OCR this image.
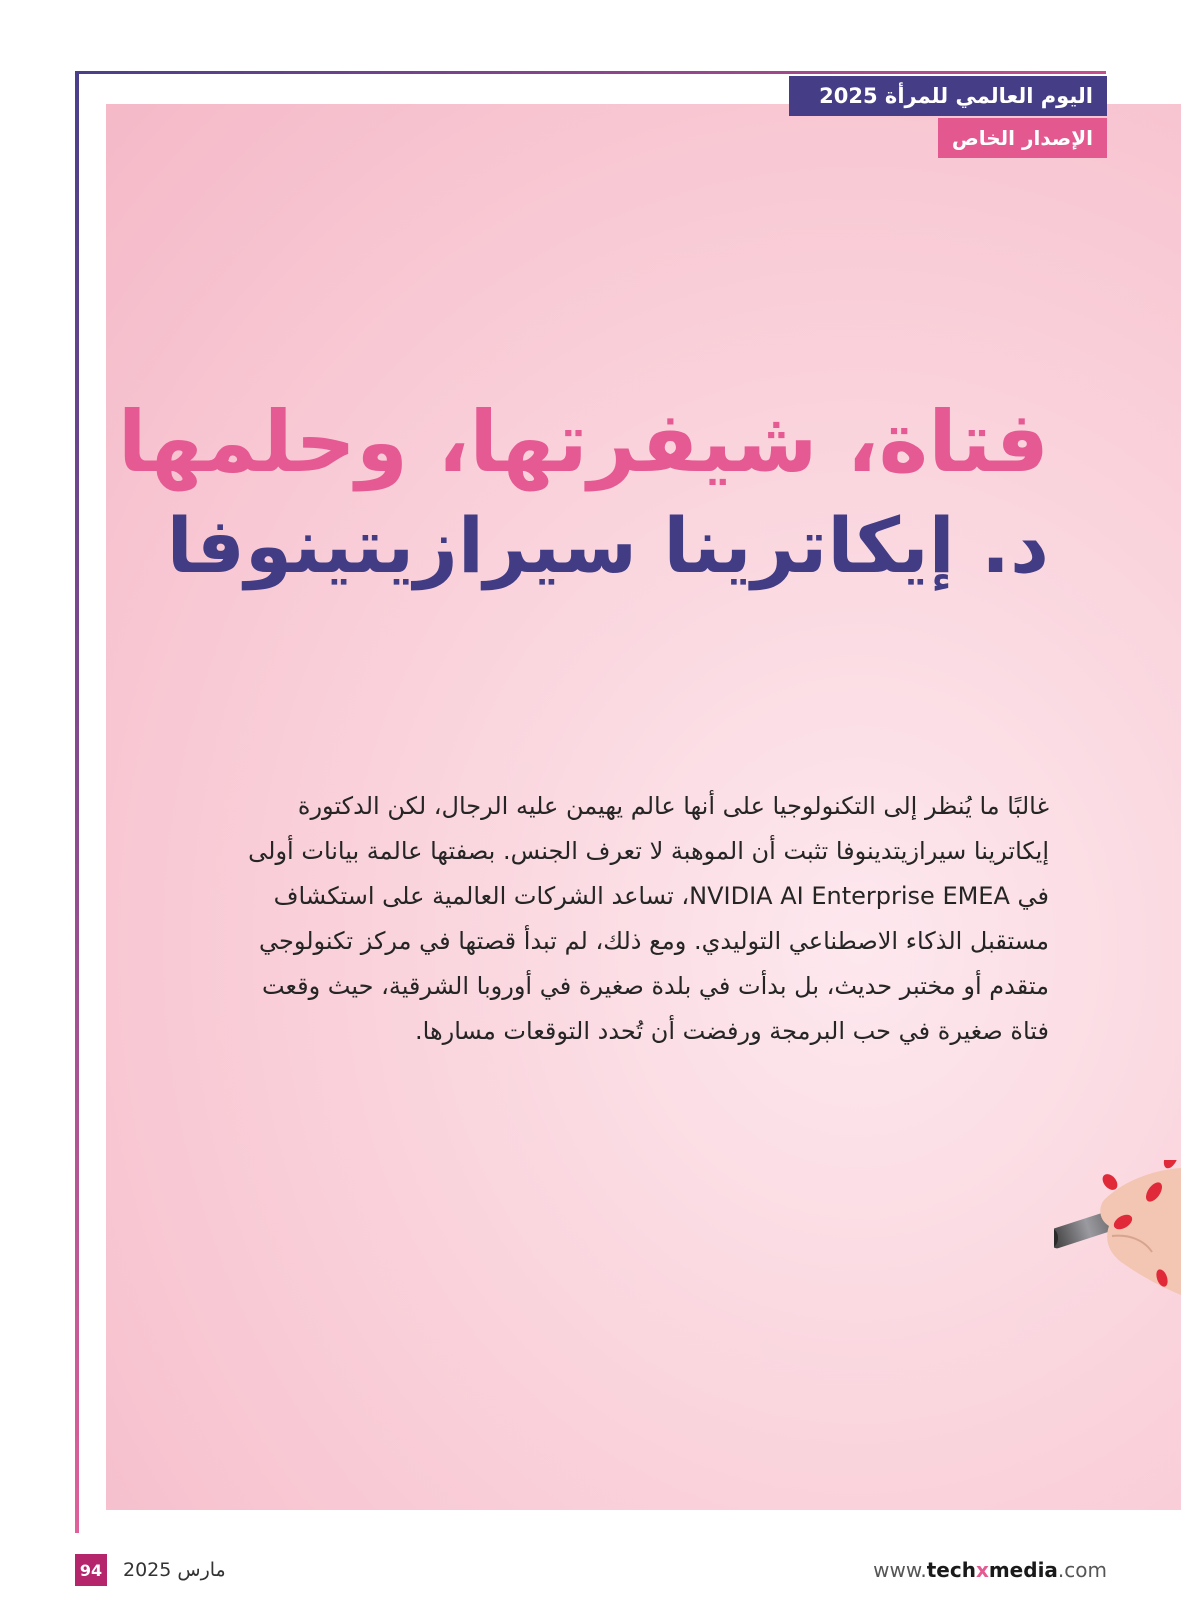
اليوم العالمي للمرأة 2025
الإصدار الخاص
فتاة، شيفرتها، وحلمها
د. إيكاترينا سيرازيتينوفا
غالبًا ما يُنظر إلى التكنولوجيا على أنها عالم يهيمن عليه الرجال، لكن الدكتورة إيكاترينا سيرازيتدينوفا تثبت أن الموهبة لا تعرف الجنس. بصفتها عالمة بيانات أولى في NVIDIA AI Enterprise EMEA، تساعد الشركات العالمية على استكشاف مستقبل الذكاء الاصطناعي التوليدي. ومع ذلك، لم تبدأ قصتها في مركز تكنولوجي متقدم أو مختبر حديث، بل بدأت في بلدة صغيرة في أوروبا الشرقية، حيث وقعت فتاة صغيرة في حب البرمجة ورفضت أن تُحدد التوقعات مسارها.
94 مارس 2025	www.techxmedia.com
